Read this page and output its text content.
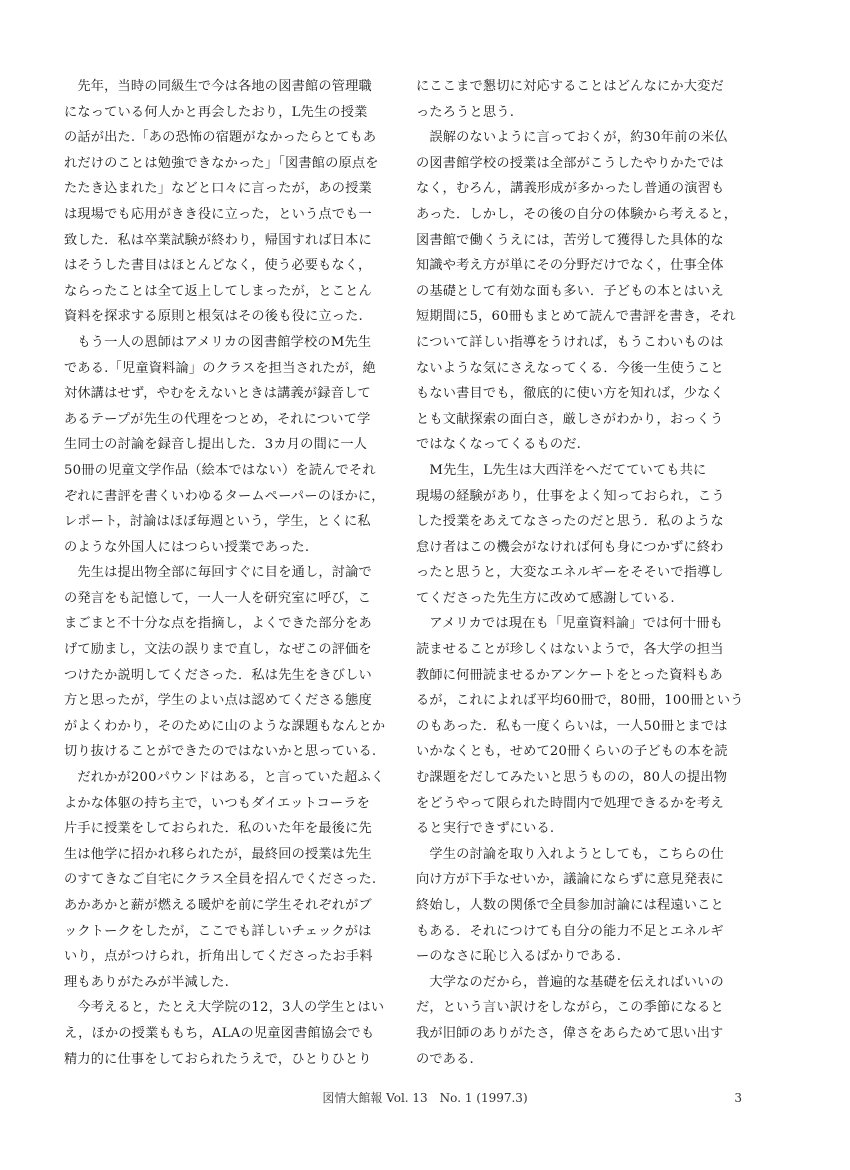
　先年，当時の同級生で今は各地の図書館の管理職
になっている何人かと再会したおり，L先生の授業
の話が出た.「あの恐怖の宿題がなかったらとてもあ
れだけのことは勉強できなかった」「図書館の原点を
たたき込まれた」などと口々に言ったが，あの授業
は現場でも応用がきき役に立った，という点でも一
致した．私は卒業試験が終わり，帰国すれば日本に
はそうした書目はほとんどなく，使う必要もなく，
ならったことは全て返上してしまったが，とことん
資料を探求する原則と根気はその後も役に立った.
　もう一人の恩師はアメリカの図書館学校のM先生
である.「児童資料論」のクラスを担当されたが，絶
対休講はせず，やむをえないときは講義が録音して
あるテープが先生の代理をつとめ，それについて学
生同士の討論を録音し提出した．3カ月の間に一人
50冊の児童文学作品（絵本ではない）を読んでそれ
ぞれに書評を書くいわゆるタームペーパーのほかに，
レポート，討論はほぼ毎週という，学生，とくに私
のような外国人にはつらい授業であった.
　先生は提出物全部に毎回すぐに目を通し，討論で
の発言をも記憶して，一人一人を研究室に呼び，こ
まごまと不十分な点を指摘し，よくできた部分をあ
げて励まし，文法の誤りまで直し，なぜこの評価を
つけたか説明してくださった．私は先生をきびしい
方と思ったが，学生のよい点は認めてくださる態度
がよくわかり，そのために山のような課題もなんとか
切り抜けることができたのではないかと思っている.
　だれかが200パウンドはある，と言っていた超ふく
よかな体躯の持ち主で，いつもダイエットコーラを
片手に授業をしておられた．私のいた年を最後に先
生は他学に招かれ移られたが，最終回の授業は先生
のすてきなご自宅にクラス全員を招んでくださった.
あかあかと薪が燃える暖炉を前に学生それぞれがブ
ックトークをしたが，ここでも詳しいチェックがは
いり，点がつけられ，折角出してくださったお手料
理もありがたみが半減した.
　今考えると，たとえ大学院の12，3人の学生とはい
え，ほかの授業ももち，ALAの児童図書館協会でも
精力的に仕事をしておられたうえで，ひとりひとり
にここまで懇切に対応することはどんなにか大変だ
ったろうと思う.
　誤解のないように言っておくが，約30年前の米仏
の図書館学校の授業は全部がこうしたやりかたでは
なく，むろん，講義形成が多かったし普通の演習も
あった．しかし，その後の自分の体験から考えると，
図書館で働くうえには，苦労して獲得した具体的な
知識や考え方が単にその分野だけでなく，仕事全体
の基礎として有効な面も多い．子どもの本とはいえ
短期間に5，60冊もまとめて読んで書評を書き，それ
について詳しい指導をうければ，もうこわいものは
ないような気にさえなってくる．今後一生使うこと
もない書目でも，徹底的に使い方を知れば，少なく
とも文献探索の面白さ，厳しさがわかり，おっくう
ではなくなってくるものだ.
　M先生，L先生は大西洋をへだてていても共に
現場の経験があり，仕事をよく知っておられ，こう
した授業をあえてなさったのだと思う．私のような
怠け者はこの機会がなければ何も身につかずに終わ
ったと思うと，大変なエネルギーをそそいで指導し
てくださった先生方に改めて感謝している.
　アメリカでは現在も「児童資料論」では何十冊も
読ませることが珍しくはないようで，各大学の担当
教師に何冊読ませるかアンケートをとった資料もあ
るが，これによれば平均60冊で，80冊，100冊という
のもあった．私も一度くらいは，一人50冊とまでは
いかなくとも，せめて20冊くらいの子どもの本を読
む課題をだしてみたいと思うものの，80人の提出物
をどうやって限られた時間内で処理できるかを考え
ると実行できずにいる.
　学生の討論を取り入れようとしても，こちらの仕
向け方が下手なせいか，議論にならずに意見発表に
終始し，人数の関係で全員参加討論には程遠いこと
もある．それにつけても自分の能力不足とエネルギ
ーのなさに恥じ入るばかりである.
　大学なのだから，普遍的な基礎を伝えればいいの
だ，という言い訳けをしながら，この季節になると
我が旧師のありがたさ，偉さをあらためて思い出す
のである.
図情大館報 Vol. 13　No. 1 (1997.3)	3
